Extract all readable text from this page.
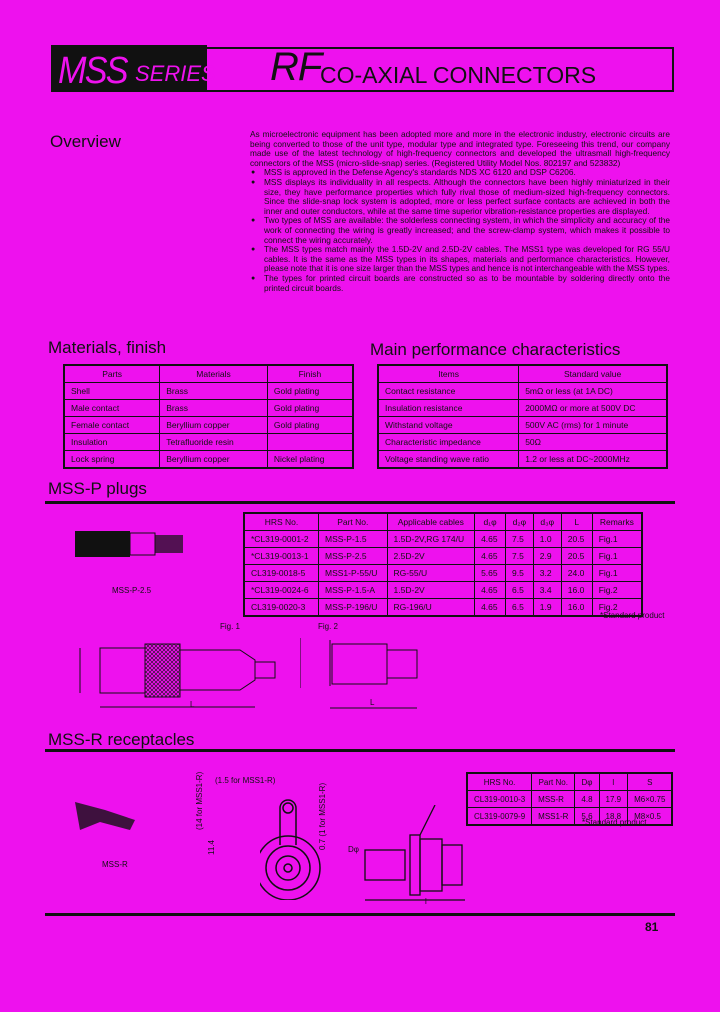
MSS SERIES RF
CO-AXIAL CONNECTORS
Overview	As microelectronic equipment has been adopted more and more in the electronic industry, electronic circuits are being converted to those of the unit type, modular type and integrated type. Foreseeing this trend, our company made use of the latest technology of high-frequency connectors and developed the ultrasmall high-frequency connectors of the MSS (micro-slide-snap) series. (Registered Utility Model Nos. 802197 and 523832)

● MSS is approved in the Defense Agency's standards NDS XC 6120 and DSP C6206.
● MSS displays its individuality in all respects. Although the connectors have been highly miniaturized in their size, they have performance properties which fully rival those of medium-sized high-frequency connectors. Since the slide-snap lock system is adopted, more or less perfect surface contacts are achieved in both the inner and outer conductors, while at the same time superior vibration-resistance properties are displayed.
● Two types of MSS are available: the solderless connecting system, in which the simplicity and accuracy of the work of connecting the wiring is greatly increased; and the screw-clamp system, which makes it possible to connect the wiring accurately.
● The MSS types match mainly the 1.5D-2V and 2.5D-2V cables. The MSS1 type was developed for RG 55/U cables. It is the same as the MSS types in its shapes, materials and performance characteristics. However, please note that it is one size larger than the MSS types and hence is not interchangeable with the MSS types.
● The types for printed circuit boards are constructed so as to be mountable by soldering directly onto the printed circuit boards.
Materials, finish
Parts	Materials	Finish
Shell	Brass	Gold plating
Male contact	Brass	Gold plating
Female contact	Beryllium copper	Gold plating
Insulation	Tetrafluoride resin	
Lock spring	Beryllium copper	Nickel plating
Main performance characteristics
Items	Standard value
Contact resistance	5mΩ or less (at 1A DC)
Insulation resistance	2000MΩ or more at 500V DC
Withstand voltage	500V AC (rms) for 1 minute
Characteristic impedance	50Ω
Voltage standing wave ratio	1.2 or less at DC~2000MHz
MSS-P plugs
MSS-P-2.5
HRS No.	Part No.	Applicable cables	d₁φ	d₂φ	d₃φ	L	Remarks
*CL319-0001-2	MSS-P-1.5	1.5D-2V,RG 174/U	4.65	7.5	1.0	20.5	Fig.1
*CL319-0013-1	MSS-P-2.5	2.5D-2V	4.65	7.5	2.9	20.5	Fig.1
CL319-0018-5	MSS1-P-55/U	RG-55/U	5.65	9.5	3.2	24.0	Fig.1
*CL319-0024-6	MSS-P-1.5-A	1.5D-2V	4.65	6.5	3.4	16.0	Fig.2
CL319-0020-3	MSS-P-196/U	RG-196/U	4.65	6.5	1.9	16.0	Fig.2
*Standard product
Fig. 1	Fig. 2
L	L
MSS-R receptacles
MSS-R
(1.5 for MSS1-R)
(14 for MSS1-R)
11.4	0.7 (1 for MSS1-R)	Dφ
l
HRS No.	Part No.	Dφ	l	S
CL319-0010-3	MSS-R	4.8	17.9	M6×0.75
CL319-0079-9	MSS1-R	5.6	18.8	M8×0.5
*Standard product
81
